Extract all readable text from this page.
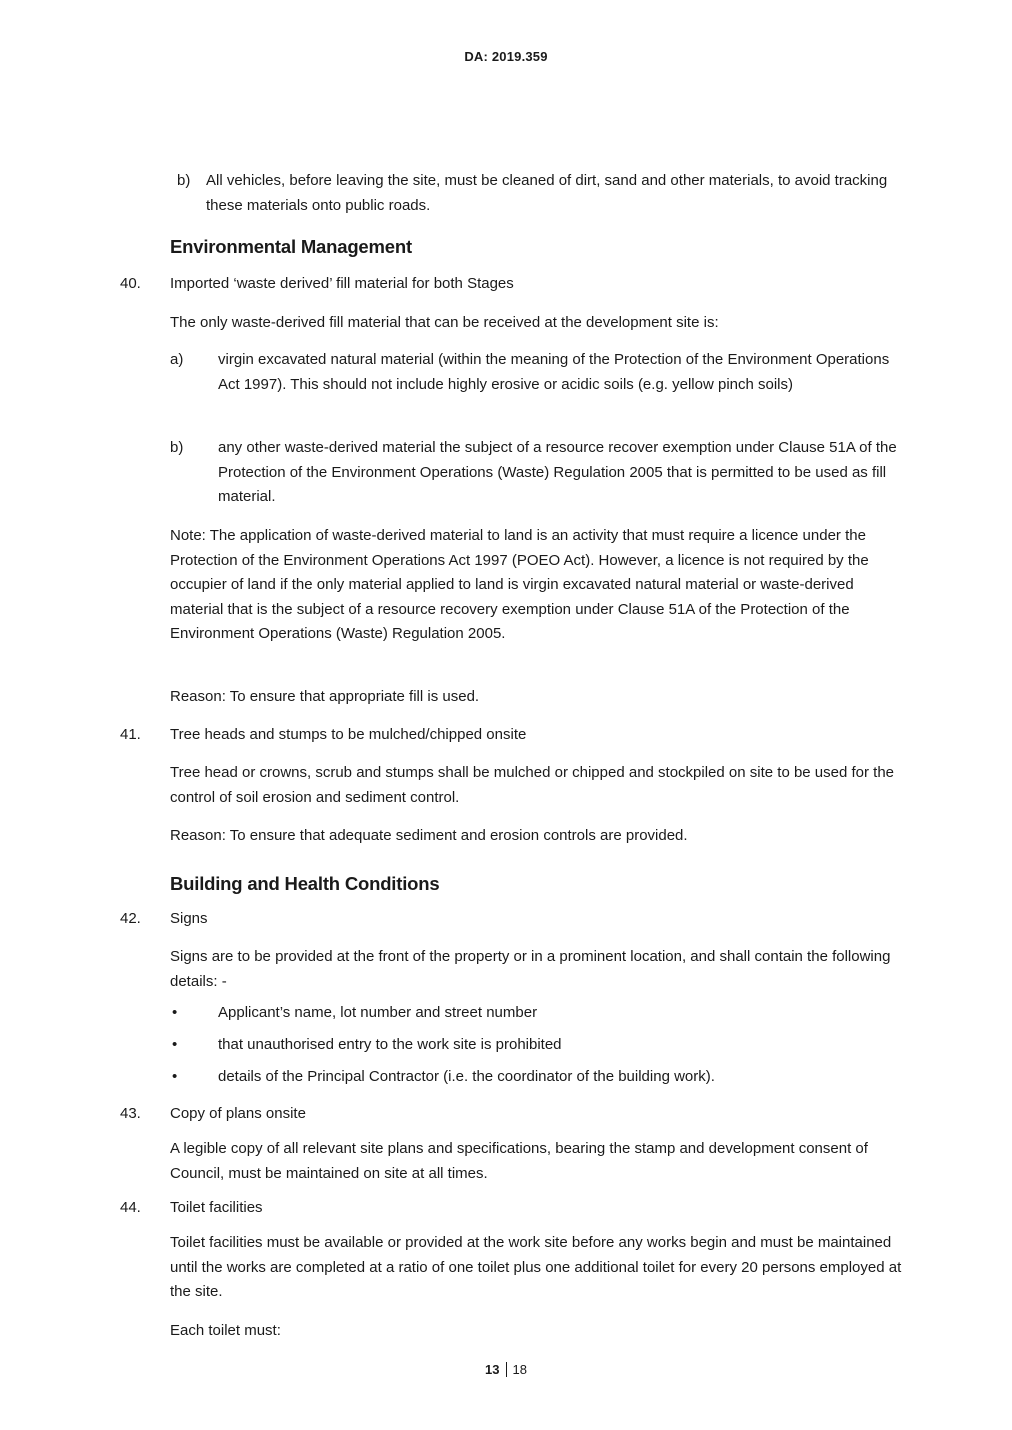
DA: 2019.359
b) All vehicles, before leaving the site, must be cleaned of dirt, sand and other materials, to avoid tracking these materials onto public roads.

Environmental Management
40. Imported ‘waste derived’ fill material for both Stages

The only waste-derived fill material that can be received at the development site is:

a) virgin excavated natural material (within the meaning of the Protection of the Environment Operations Act 1997). This should not include highly erosive or acidic soils (e.g. yellow pinch soils)

b) any other waste-derived material the subject of a resource recover exemption under Clause 51A of the Protection of the Environment Operations (Waste) Regulation 2005 that is permitted to be used as fill material.

Note: The application of waste-derived material to land is an activity that must require a licence under the Protection of the Environment Operations Act 1997 (POEO Act). However, a licence is not required by the occupier of land if the only material applied to land is virgin excavated natural material or waste-derived material that is the subject of a resource recovery exemption under Clause 51A of the Protection of the Environment Operations (Waste) Regulation 2005.

Reason: To ensure that appropriate fill is used.

41. Tree heads and stumps to be mulched/chipped onsite

Tree head or crowns, scrub and stumps shall be mulched or chipped and stockpiled on site to be used for the control of soil erosion and sediment control.

Reason: To ensure that adequate sediment and erosion controls are provided.

Building and Health Conditions
42. Signs

Signs are to be provided at the front of the property or in a prominent location, and shall contain the following details: -

•	Applicant’s name, lot number and street number
•	that unauthorised entry to the work site is prohibited
•	details of the Principal Contractor (i.e. the coordinator of the building work).
43. Copy of plans onsite

A legible copy of all relevant site plans and specifications, bearing the stamp and development consent of Council, must be maintained on site at all times.

44. Toilet facilities

Toilet facilities must be available or provided at the work site before any works begin and must be maintained until the works are completed at a ratio of one toilet plus one additional toilet for every 20 persons employed at the site.

Each toilet must:

13 18
